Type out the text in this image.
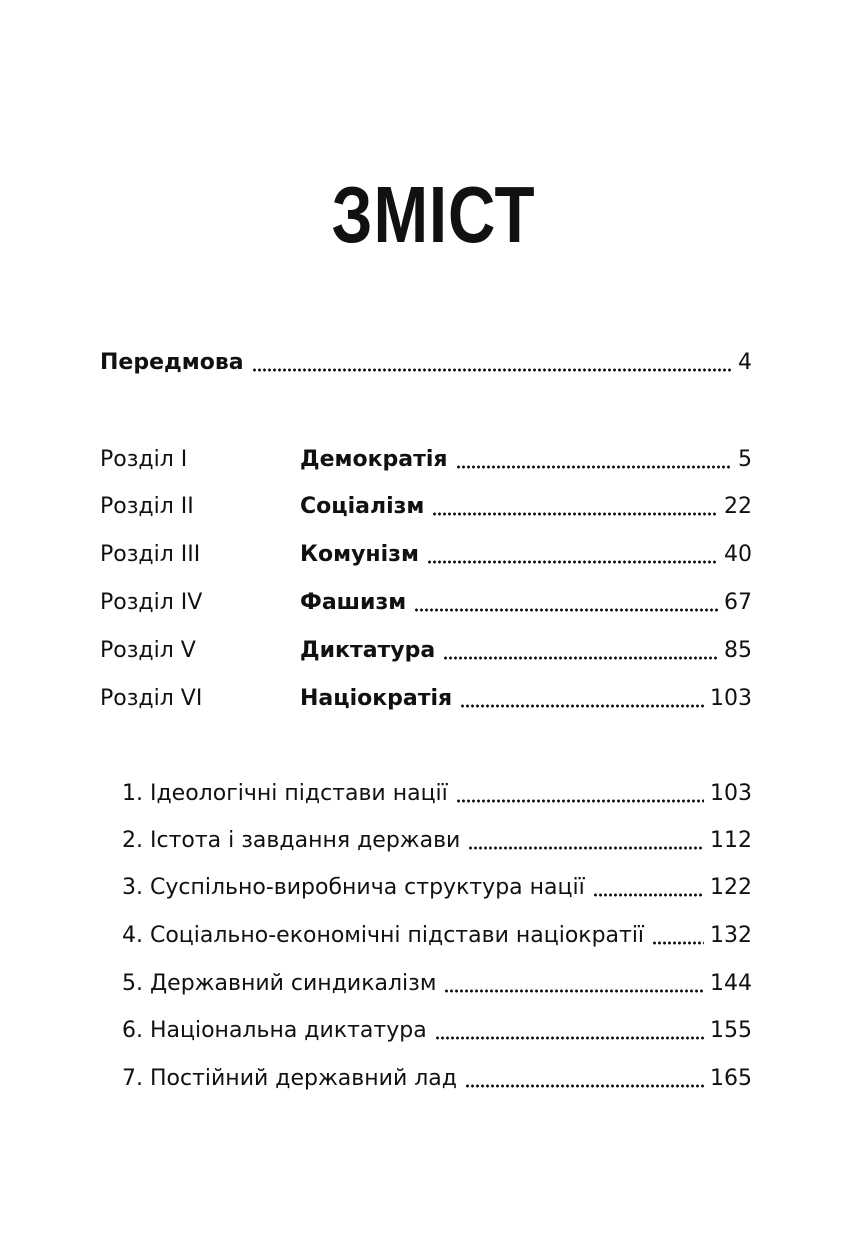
ЗМІСТ
Передмова	4
Розділ I	Демократія	5
Розділ II	Соціалізм	22
Розділ III	Комунізм	40
Розділ IV	Фашизм	67
Розділ V	Диктатура	85
Розділ VI	Націократія	103
1. Ідеологічні підстави нації	103
2. Істота і завдання держави	112
3. Суспільно-виробнича структура нації	122
4. Соціально-економічні підстави націократії	132
5. Державний синдикалізм	144
6. Національна диктатура	155
7. Постійний державний лад	165
